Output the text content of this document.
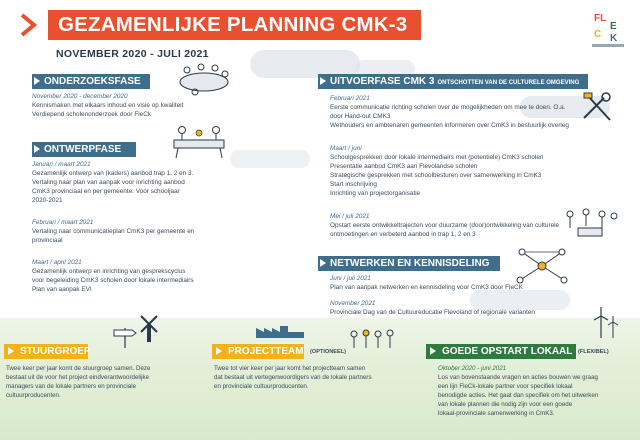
GEZAMENLIJKE PLANNING CMK-3
NOVEMBER 2020 - JULI 2021
FL
E
C K
ONDERZOEKSFASE
November 2020 - december 2020
Kennismaken met elkaars inhoud en visie op kwaliteit
Verdiepend scholenonderzoek door FleCk
ONTWERPFASE
Januari / maart 2021
Gezamenlijk ontwerp van (kaders) aanbod trap 1, 2 en 3.
Vertaling naar plan van aanpak voor inrichting aanbod
CmK3 provinciaal en per gemeente. Voor schooljaar
2020-2021
Februari / maart 2021
Vertaling naar communicatieplan CmK3 per gemeente en
provinciaal
Maart / april 2021
Gezamenlijk ontwerp en inrichting van gesprekscyclus
voor begeleiding CmK3 scholen door lokale intermediairs
Plan van aanpak EVI
UITVOERFASE CMK 3 ONTSCHOTTEN VAN DE CULTURELE OMGEVING
Februari 2021
Eerste communicatie richting scholen over de mogelijkheden om mee te doen. O.a.
door Hand-out CMK3
Wethouders en ambtenaren gemeenten informeren over CmK3 in bestuurlijk overleg
Maart / juni
Schoolgesprekken door lokale intermediairs met (potentiele) CmK3 scholen
Presentatie aanbod CmK3 aan Flevolandse scholen
Strategische gesprekken met schoolbesturen over samenwerking in CmK3
Start inschrijving
Inrichting van projectorganisatie
Mei / juli 2021
Opstart eerste ontwikkeltrajecten voor duurzame (door)ontwikkeling van culturele
ontmoetingen en verbeterd aanbod in trap 1, 2 en 3
NETWERKEN EN KENNISDELING
Juni / juli 2021
Plan van aanpak netwerken en kennisdeling voor CmK3 door FleCK
November 2021
Provinciale Dag van de Cultuureducatie Flevoland of regionale varianten
STUURGROEP
Twee keer per jaar komt de stuurgroep samen. Deze
bestaat uit de voor het project eindverantwoordelijke
managers van de lokale partners en provinciale
cultuurproducenten.
PROJECTTEAM (OPTIONEEL)
Twee tot vier keer per jaar komt het projectteam samen
dat bestaat uit vertegenwoordigers van de lokale partners
en provinciale cultuurproducenten.
GOEDE OPSTART LOKAAL	(FLEXIBEL)
Oktober 2020 - juni 2021
Los van bovenstaande vragen en acties bouwen we graag
een lijn FleCk-lokale partner voor specifiek lokaal
benodigde acties. Het gaat dan specifiek om het uitwerken
van lokale plannen die nodig zijn voor een goede
lokaal-provinciale samenwerking in CmK3.
